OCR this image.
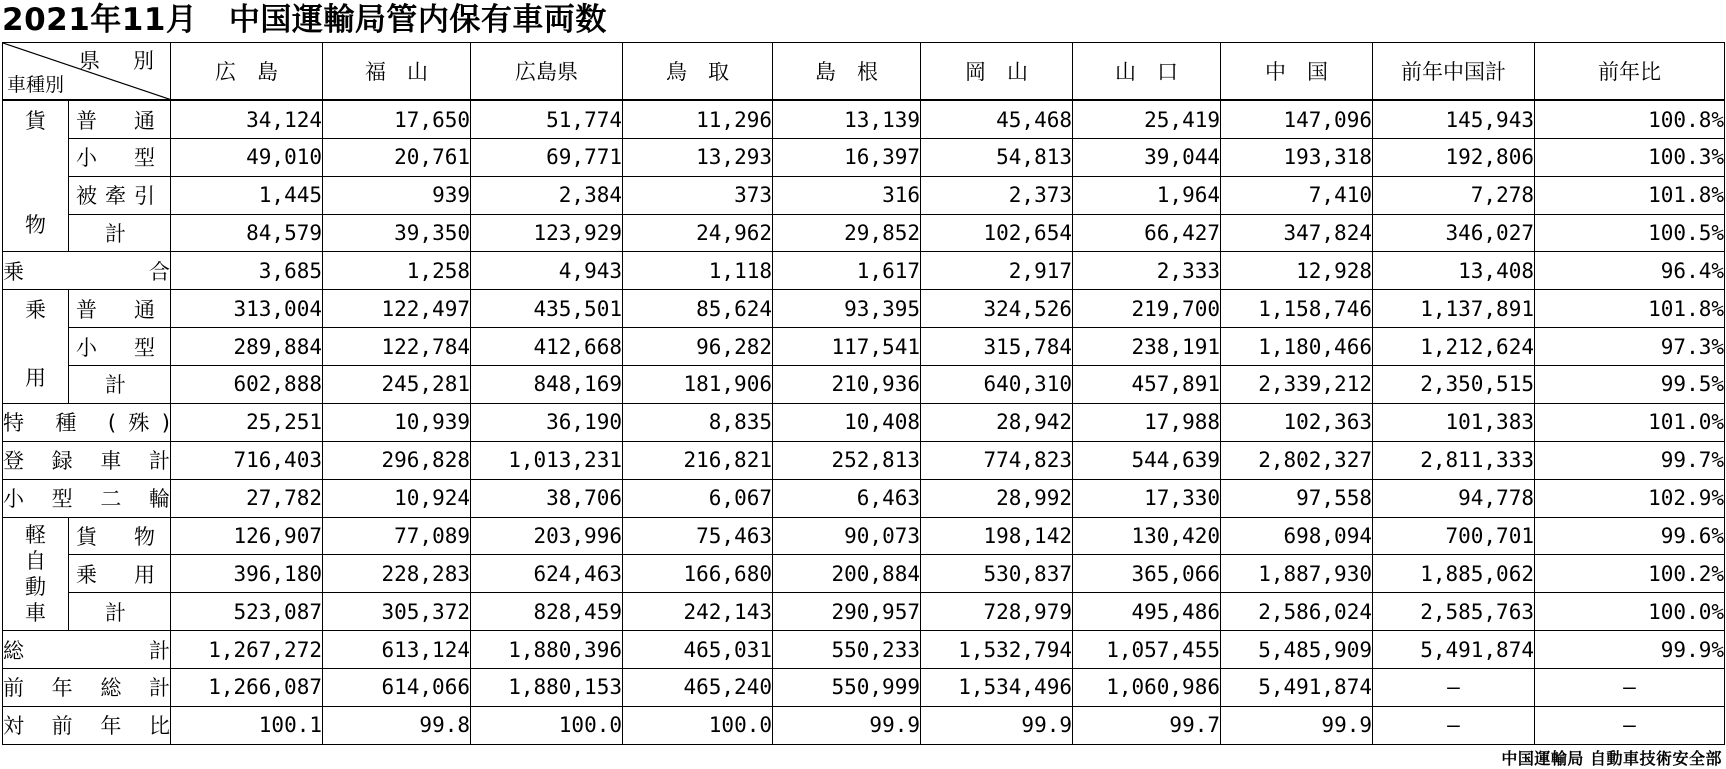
2021年11月　中国運輸局管内保有車両数
県　別
車種別		広　島	福　山	広島県	鳥　取	島　根	岡　山	山　口	中　国	前年中国計	前年比

貨
物	普　通	34,124	17,650	51,774	11,296	13,139	45,468	25,419	147,096	145,943	100.8%
	小　型	49,010	20,761	69,771	13,293	16,397	54,813	39,044	193,318	192,806	100.3%
	被牽引	1,445	939	2,384	373	316	2,373	1,964	7,410	7,278	101.8%
	計	84,579	39,350	123,929	24,962	29,852	102,654	66,427	347,824	346,027	100.5%
乗　　　合		3,685	1,258	4,943	1,118	1,617	2,917	2,333	12,928	13,408	96.4%

乗
用	普　通	313,004	122,497	435,501	85,624	93,395	324,526	219,700	1,158,746	1,137,891	101.8%
	小　型	289,884	122,784	412,668	96,282	117,541	315,784	238,191	1,180,466	1,212,624	97.3%
	計	602,888	245,281	848,169	181,906	210,936	640,310	457,891	2,339,212	2,350,515	99.5%
特 種 (殊)		25,251	10,939	36,190	8,835	10,408	28,942	17,988	102,363	101,383	101.0%
登録車計		716,403	296,828	1,013,231	216,821	252,813	774,823	544,639	2,802,327	2,811,333	99.7%
小型二輪		27,782	10,924	38,706	6,067	6,463	28,992	17,330	97,558	94,778	102.9%

軽
自
動
車	貨　物	126,907	77,089	203,996	75,463	90,073	198,142	130,420	698,094	700,701	99.6%
	乗　用	396,180	228,283	624,463	166,680	200,884	530,837	365,066	1,887,930	1,885,062	100.2%
	計	523,087	305,372	828,459	242,143	290,957	728,979	495,486	2,586,024	2,585,763	100.0%
総　　　計		1,267,272	613,124	1,880,396	465,031	550,233	1,532,794	1,057,455	5,485,909	5,491,874	99.9%
前年総計		1,266,087	614,066	1,880,153	465,240	550,999	1,534,496	1,060,986	5,491,874	―	―
対前年比		100.1	99.8	100.0	100.0	99.9	99.9	99.7	99.9	―	―
中国運輸局 自動車技術安全部
